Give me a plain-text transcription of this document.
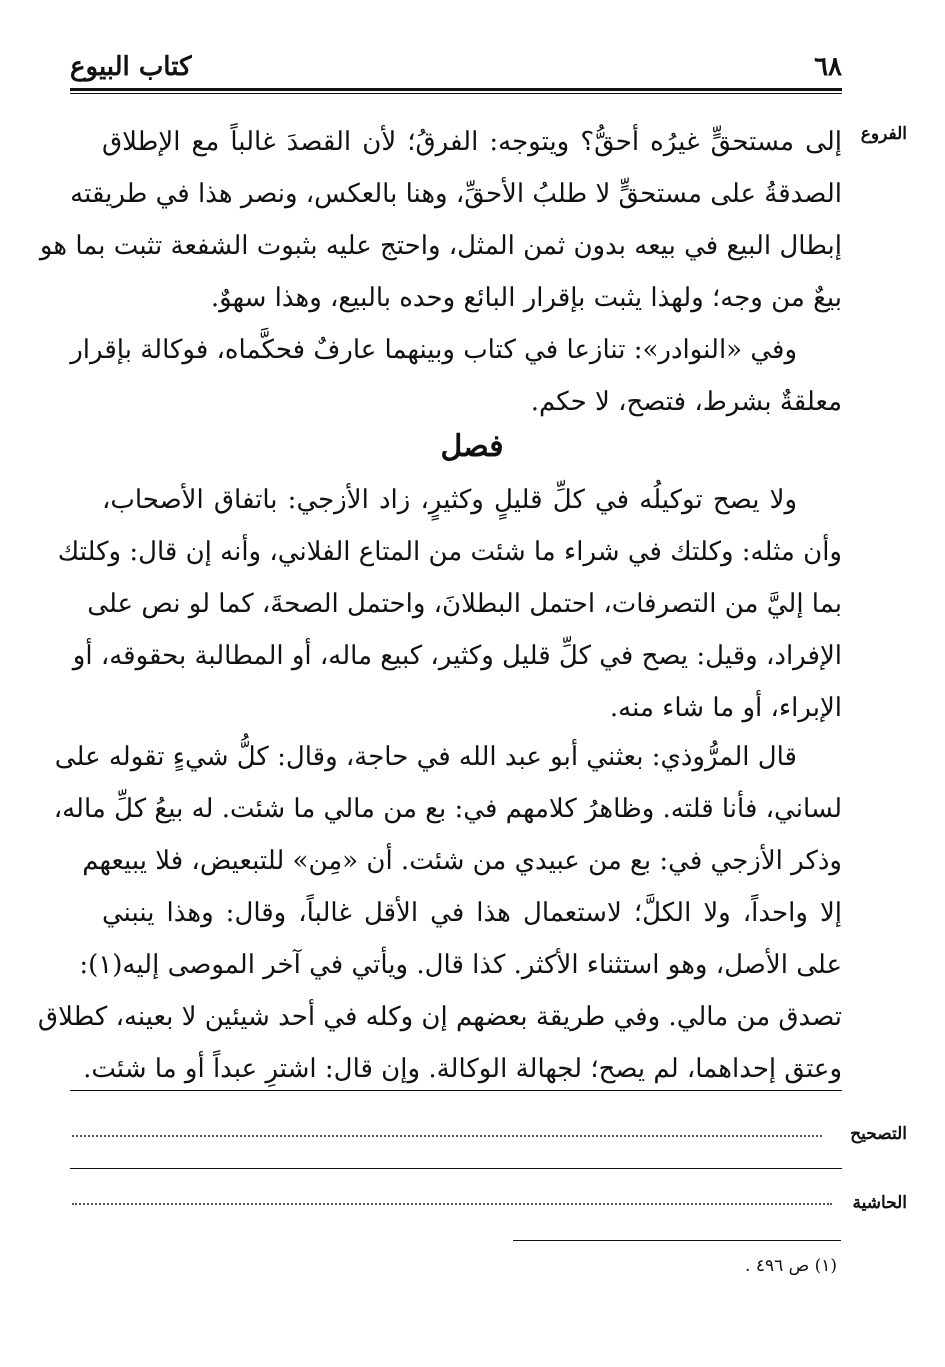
٦٨
كتاب البيوع
الفروع
إلى مستحقٍّ غيرُه أحقُّ؟ ويتوجه: الفرقُ؛ لأن القصدَ غالباً مع الإطلاق
الصدقةُ على مستحقٍّ لا طلبُ الأحقِّ، وهنا بالعكس، ونصر هذا في طريقته
إبطال البيع في بيعه بدون ثمن المثل، واحتج عليه بثبوت الشفعة تثبت بما هو
بيعٌ من وجه؛ ولهذا يثبت بإقرار البائع وحده بالبيع، وهذا سهوٌ.
وفي «النوادر»: تنازعا في كتاب وبينهما عارفٌ فحكَّماه، فوكالة بإقرار
معلقةٌ بشرط، فتصح، لا حكم.
فصل
ولا يصح توكيلُه في كلِّ قليلٍ وكثيرٍ، زاد الأزجي: باتفاق الأصحاب،
وأن مثله: وكلتك في شراء ما شئت من المتاع الفلاني، وأنه إن قال: وكلتك
بما إليَّ من التصرفات، احتمل البطلانَ، واحتمل الصحةَ، كما لو نص على
الإفراد، وقيل: يصح في كلِّ قليل وكثير، كبيع ماله، أو المطالبة بحقوقه، أو
الإبراء، أو ما شاء منه.
قال المرُّوذي: بعثني أبو عبد الله في حاجة، وقال: كلُّ شيءٍ تقوله على
لساني، فأنا قلته. وظاهرُ كلامهم في: بع من مالي ما شئت. له بيعُ كلِّ ماله،
وذكر الأزجي في: بع من عبيدي من شئت. أن «مِن» للتبعيض، فلا يبيعهم
إلا واحداً، ولا الكلَّ؛ لاستعمال هذا في الأقل غالباً، وقال: وهذا ينبني
على الأصل، وهو استثناء الأكثر. كذا قال. ويأتي في آخر الموصى إليه(١):
تصدق من مالي. وفي طريقة بعضهم إن وكله في أحد شيئين لا بعينه، كطلاق
وعتق إحداهما، لم يصح؛ لجهالة الوكالة. وإن قال: اشترِ عبداً أو ما شئت.
التصحيح
الحاشية
(١) ص ٤٩٦ .
